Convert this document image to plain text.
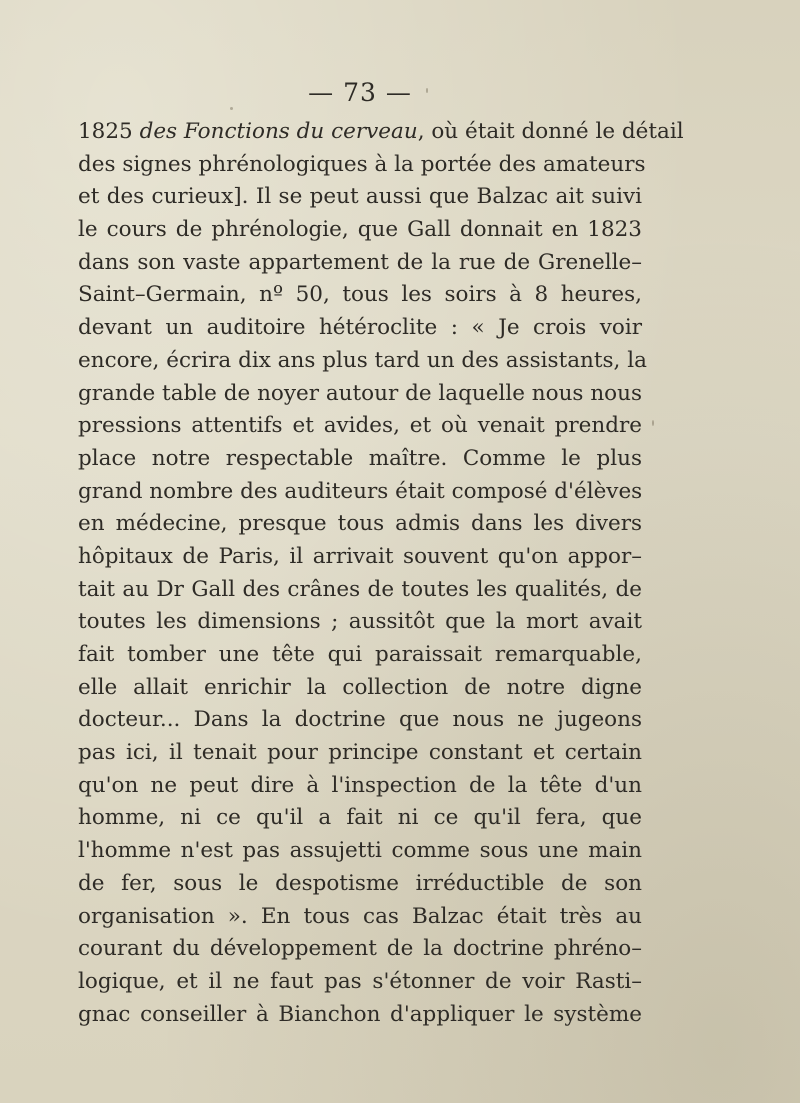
— 73 —
1825 des Fonctions du cerveau, où était donné le détail
des signes phrénologiques à la portée des amateurs
et des curieux]. Il se peut aussi que Balzac ait suivi
le cours de phrénologie, que Gall donnait en 1823
dans son vaste appartement de la rue de Grenelle–
Saint–Germain, nº 50, tous les soirs à 8 heures,
devant un auditoire hétéroclite : « Je crois voir
encore, écrira dix ans plus tard un des assistants, la
grande table de noyer autour de laquelle nous nous
pressions attentifs et avides, et où venait prendre
place notre respectable maître. Comme le plus
grand nombre des auditeurs était composé d'élèves
en médecine, presque tous admis dans les divers
hôpitaux de Paris, il arrivait souvent qu'on appor–
tait au Dr Gall des crânes de toutes les qualités, de
toutes les dimensions ; aussitôt que la mort avait
fait tomber une tête qui paraissait remarquable,
elle allait enrichir la collection de notre digne
docteur... Dans la doctrine que nous ne jugeons
pas ici, il tenait pour principe constant et certain
qu'on ne peut dire à l'inspection de la tête d'un
homme, ni ce qu'il a fait ni ce qu'il fera, que
l'homme n'est pas assujetti comme sous une main
de fer, sous le despotisme irréductible de son
organisation ». En tous cas Balzac était très au
courant du développement de la doctrine phréno–
logique, et il ne faut pas s'étonner de voir Rasti–
gnac conseiller à Bianchon d'appliquer le système
